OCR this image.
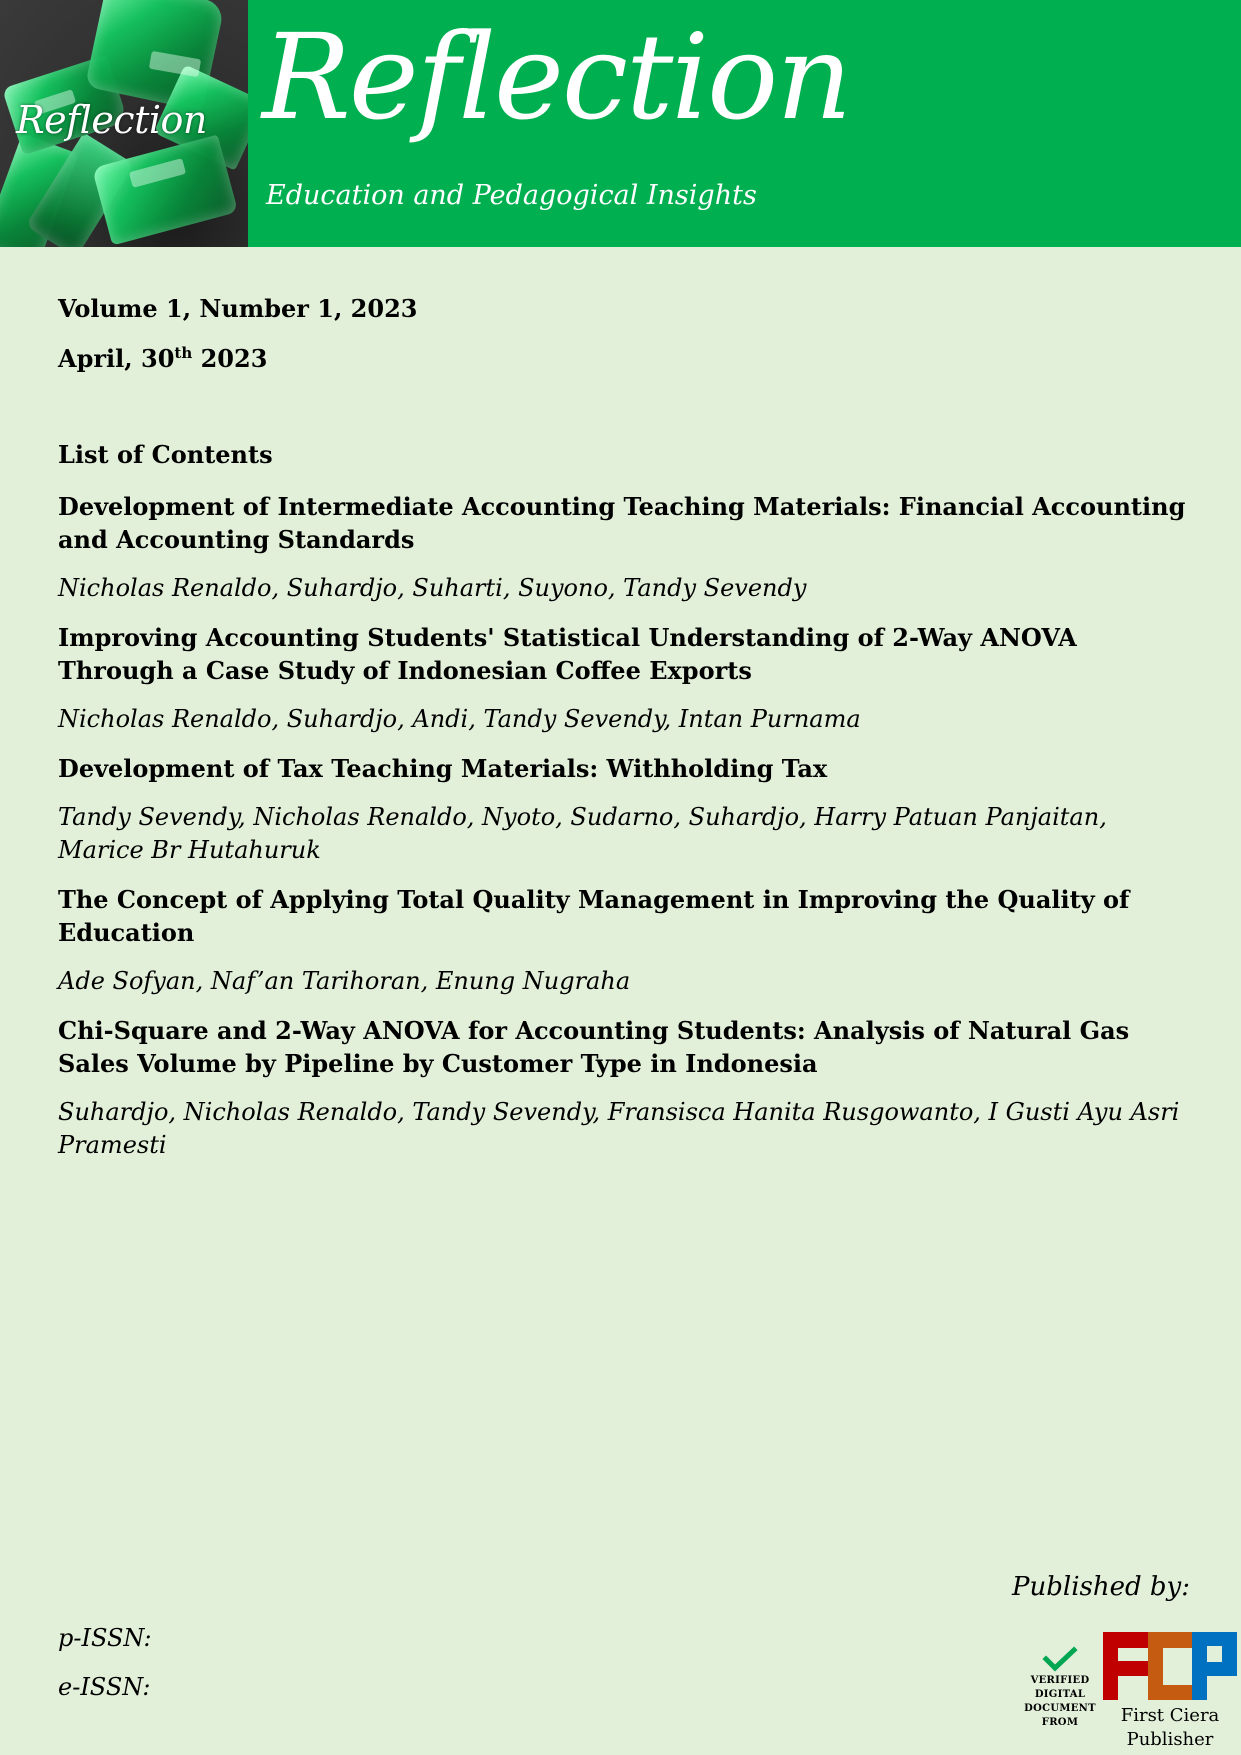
Reflection Reflection
Education and Pedagogical Insights
Volume 1, Number 1, 2023
April, 30th 2023
List of Contents

Development of Intermediate Accounting Teaching Materials: Financial Accounting and Accounting Standards

Nicholas Renaldo, Suhardjo, Suharti, Suyono, Tandy Sevendy

Improving Accounting Students' Statistical Understanding of 2-Way ANOVA Through a Case Study of Indonesian Coffee Exports

Nicholas Renaldo, Suhardjo, Andi, Tandy Sevendy, Intan Purnama

Development of Tax Teaching Materials: Withholding Tax

Tandy Sevendy, Nicholas Renaldo, Nyoto, Sudarno, Suhardjo, Harry Patuan Panjaitan, Marice Br Hutahuruk

The Concept of Applying Total Quality Management in Improving the Quality of Education

Ade Sofyan, Naf’an Tarihoran, Enung Nugraha

Chi-Square and 2-Way ANOVA for Accounting Students: Analysis of Natural Gas Sales Volume by Pipeline by Customer Type in Indonesia

Suhardjo, Nicholas Renaldo, Tandy Sevendy, Fransisca Hanita Rusgowanto, I Gusti Ayu Asri Pramesti

p-ISSN:
e-ISSN:
Published by:
VERIFIED
DIGITAL
DOCUMENT
FROM	First Ciera
Publisher
